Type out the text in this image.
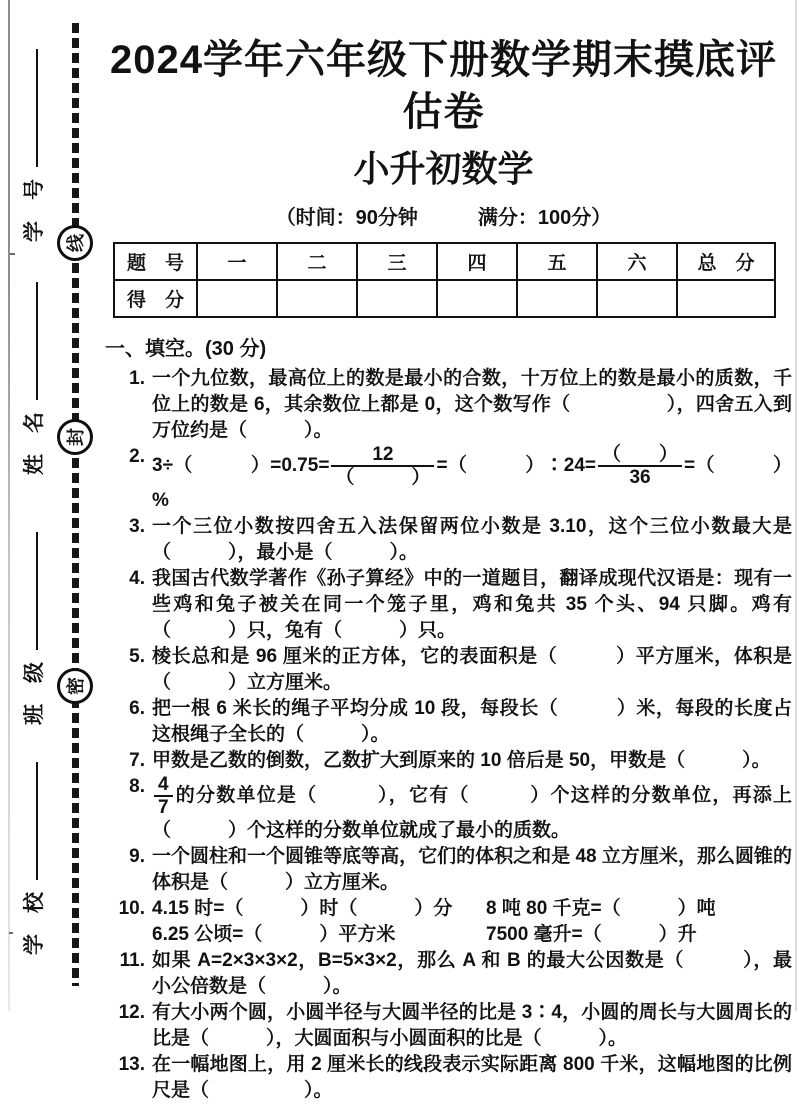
学　号
姓　名
班　级
学　校
线
封
密
2024学年六年级下册数学期末摸底评估卷
小升初数学
（时间：90分钟　　　满分：100分）
题　号	一	二	三	四	五	六	总　分
得　分							
一、填空。(30 分)
1. 一个九位数，最高位上的数是最小的合数，十万位上的数是最小的质数，千位上的数是 6，其余数位上都是 0，这个数写作（　　　　　），四舍五入到万位约是（　　　）。
2. 3÷（　　　）$=0.75= \frac{12}{( )}$ =（　　　）∶24= $\frac{( )}{36}$ =（　　　）%
3. 一个三位小数按四舍五入法保留两位小数是 3.10，这个三位小数最大是（　　　），最小是（　　　）。
4. 我国古代数学著作《孙子算经》中的一道题目，翻译成现代汉语是：现有一些鸡和兔子被关在同一个笼子里，鸡和兔共 35 个头、94 只脚。鸡有（　　　）只，兔有（　　　）只。
5. 棱长总和是 96 厘米的正方体，它的表面积是（　　　）平方厘米，体积是（　　　）立方厘米。
6. 把一根 6 米长的绳子平均分成 10 段，每段长（　　　）米，每段的长度占这根绳子全长的（　　　）。
7. 甲数是乙数的倒数，乙数扩大到原来的 10 倍后是 50，甲数是（　　　）。
8. $\frac{4}{7}$ 的分数单位是（　　　），它有（　　　）个这样的分数单位，再添上（　　　）个这样的分数单位就成了最小的质数。
9. 一个圆柱和一个圆锥等底等高，它们的体积之和是 48 立方厘米，那么圆锥的体积是（　　　）立方厘米。
10. 4.15 时=（　　　）时（　　　）分 8 吨 80 千克=（　　　）吨
6.25 公顷=（　　　）平方米	7500 毫升=（　　　）升
11. 如果 A=2×3×3×2，B=5×3×2，那么 A 和 B 的最大公因数是（　　　），最小公倍数是（　　　）。
12. 有大小两个圆，小圆半径与大圆半径的比是 3∶4，小圆的周长与大圆周长的比是（　　　），大圆面积与小圆面积的比是（　　　）。
13. 在一幅地图上，用 2 厘米长的线段表示实际距离 800 千米，这幅地图的比例尺是（　　　　　）。
